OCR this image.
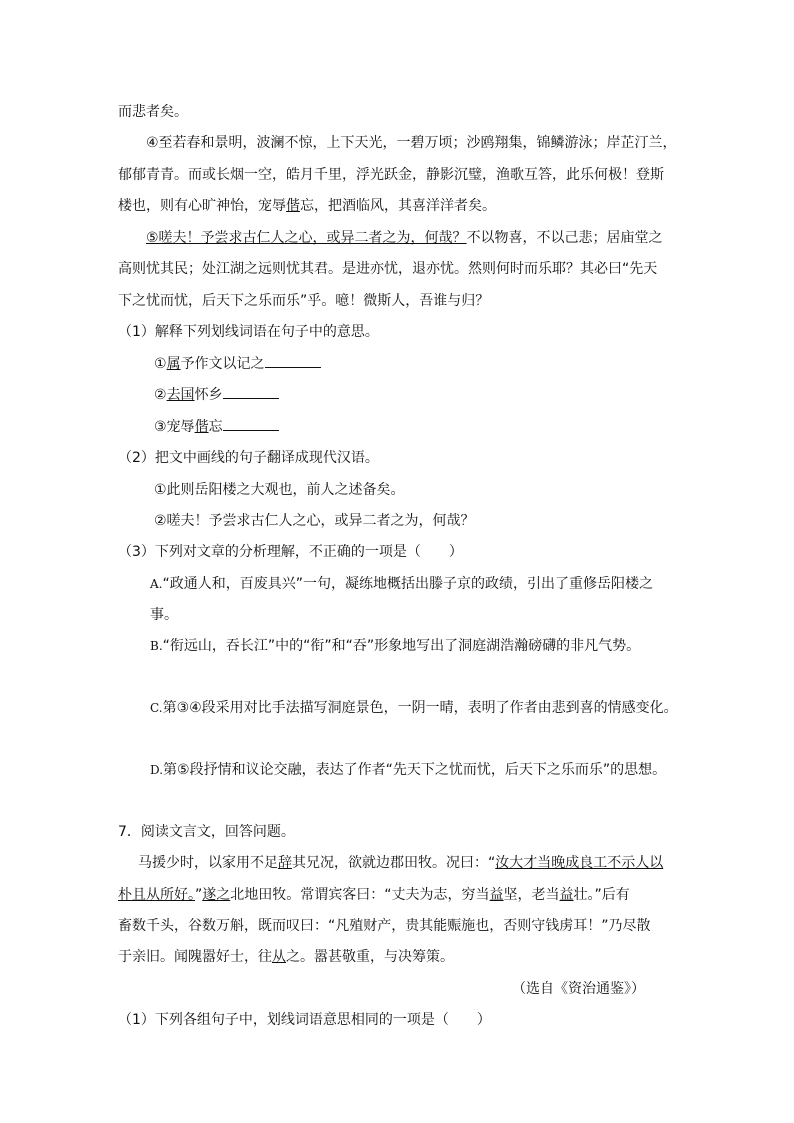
而悲者矣。
④至若春和景明，波澜不惊，上下天光，一碧万顷；沙鸥翔集，锦鳞游泳；岸芷汀兰，
郁郁青青。而或长烟一空，皓月千里，浮光跃金，静影沉璧，渔歌互答，此乐何极！登斯
楼也，则有心旷神怡，宠辱偕忘，把酒临风，其喜洋洋者矣。
⑤嗟夫！予尝求古仁人之心，或异二者之为，何哉？不以物喜，不以己悲；居庙堂之
高则忧其民；处江湖之远则忧其君。是进亦忧，退亦忧。然则何时而乐耶？其必曰“先天
下之忧而忧，后天下之乐而乐”乎。噫！微斯人，吾谁与归？
（1）解释下列划线词语在句子中的意思。
①属予作文以记之
②去国怀乡
③宠辱偕忘
（2）把文中画线的句子翻译成现代汉语。
①此则岳阳楼之大观也，前人之述备矣。
②嗟夫！予尝求古仁人之心，或异二者之为，何哉？
（3）下列对文章的分析理解，不正确的一项是（　　）
A.“政通人和，百废具兴”一句，凝练地概括出滕子京的政绩，引出了重修岳阳楼之
事。
B.“衔远山，吞长江”中的“衔”和“吞”形象地写出了洞庭湖浩瀚磅礴的非凡气势。
C.第③④段采用对比手法描写洞庭景色，一阴一晴，表明了作者由悲到喜的情感变化。
D.第⑤段抒情和议论交融，表达了作者“先天下之忧而忧，后天下之乐而乐”的思想。
7．阅读文言文，回答问题。
马援少时，以家用不足辞其兄况，欲就边郡田牧。况曰：“汝大才当晚成良工不示人以
朴且从所好。”遂之北地田牧。常谓宾客曰：“丈夫为志，穷当益坚，老当益壮。”后有
畜数千头，谷数万斛，既而叹曰：“凡殖财产，贵其能赈施也，否则守钱虏耳！”乃尽散
于亲旧。闻隗嚣好士，往从之。嚣甚敬重，与决筹策。
（选自《资治通鉴》）
（1）下列各组句子中，划线词语意思相同的一项是（　　）
